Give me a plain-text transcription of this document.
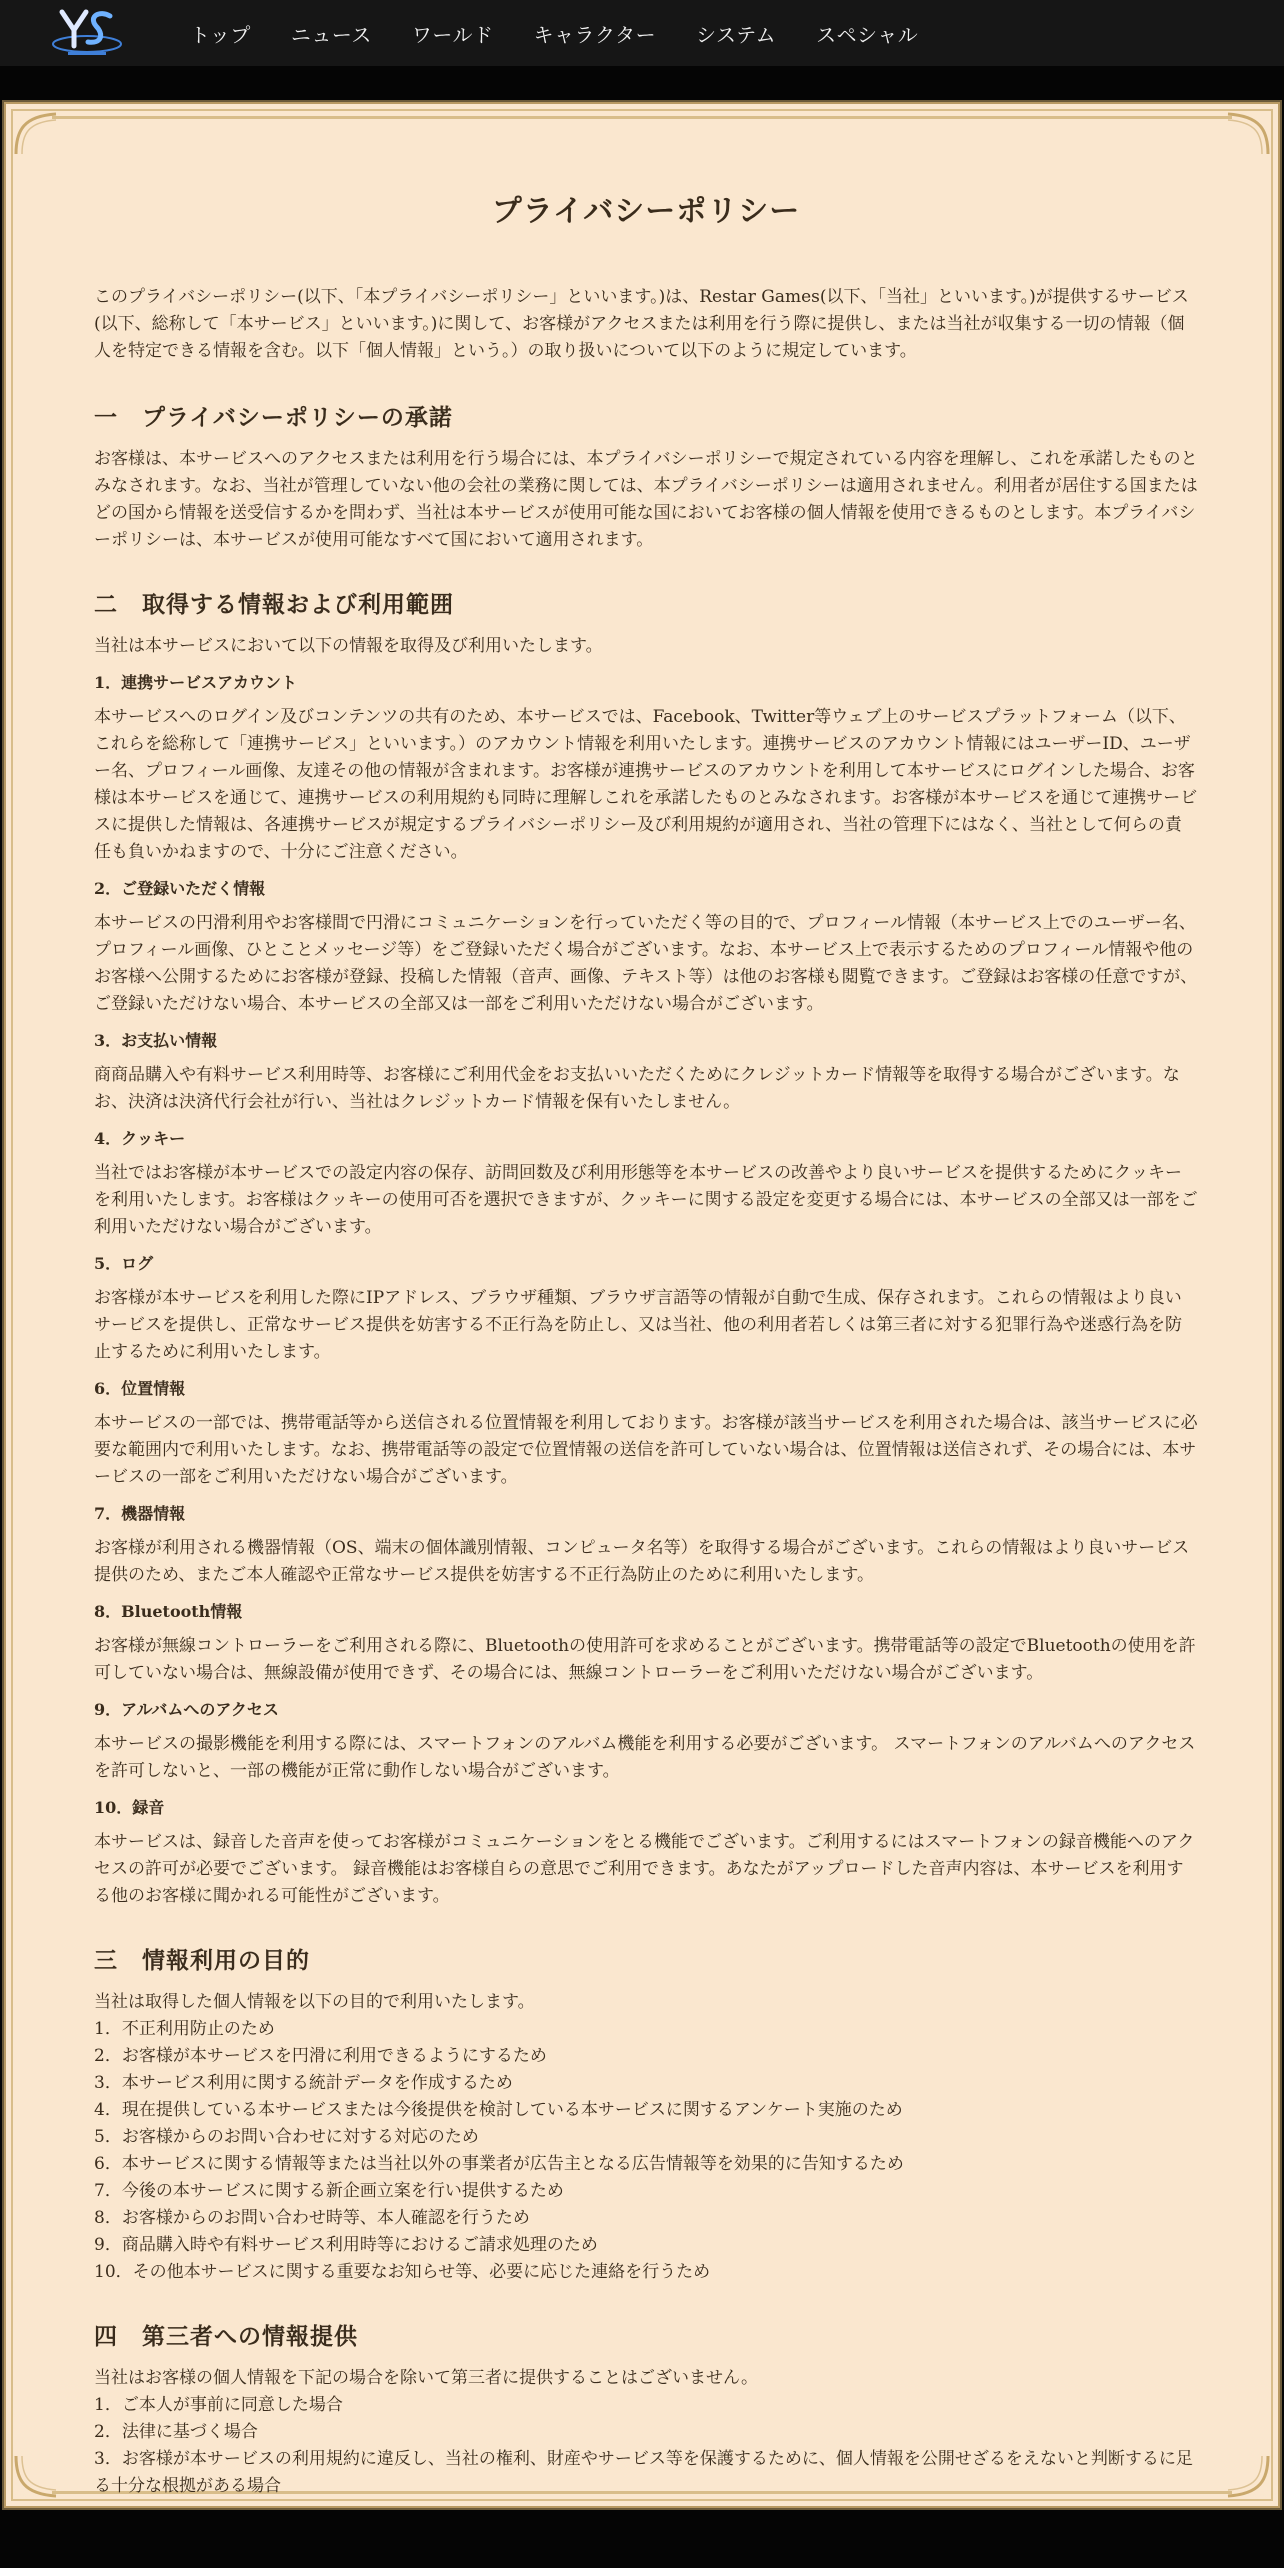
トップ ニュース ワールド キャラクター システム スペシャル
プライバシーポリシー

このプライバシーポリシー(以下、「本プライバシーポリシー」といいます。)は、Restar Games(以下、「当社」といいます。)が提供するサービス(以下、総称して「本サービス」といいます。)に関して、お客様がアクセスまたは利用を行う際に提供し、または当社が収集する一切の情報（個人を特定できる情報を含む。以下「個人情報」という。）の取り扱いについて以下のように規定しています。

一　プライバシーポリシーの承諾

お客様は、本サービスへのアクセスまたは利用を行う場合には、本プライバシーポリシーで規定されている内容を理解し、これを承諾したものとみなされます。なお、当社が管理していない他の会社の業務に関しては、本プライバシーポリシーは適用されません。利用者が居住する国またはどの国から情報を送受信するかを問わず、当社は本サービスが使用可能な国においてお客様の個人情報を使用できるものとします。本プライバシーポリシーは、本サービスが使用可能なすべて国において適用されます。

二　取得する情報および利用範囲

当社は本サービスにおいて以下の情報を取得及び利用いたします。

1．連携サービスアカウント

本サービスへのログイン及びコンテンツの共有のため、本サービスでは、Facebook、Twitter等ウェブ上のサービスプラットフォーム（以下、これらを総称して「連携サービス」といいます。）のアカウント情報を利用いたします。連携サービスのアカウント情報にはユーザーID、ユーザー名、プロフィール画像、友達その他の情報が含まれます。お客様が連携サービスのアカウントを利用して本サービスにログインした場合、お客様は本サービスを通じて、連携サービスの利用規約も同時に理解しこれを承諾したものとみなされます。お客様が本サービスを通じて連携サービスに提供した情報は、各連携サービスが規定するプライバシーポリシー及び利用規約が適用され、当社の管理下にはなく、当社として何らの責任も負いかねますので、十分にご注意ください。

2．ご登録いただく情報

本サービスの円滑利用やお客様間で円滑にコミュニケーションを行っていただく等の目的で、プロフィール情報（本サービス上でのユーザー名、プロフィール画像、ひとことメッセージ等）をご登録いただく場合がございます。なお、本サービス上で表示するためのプロフィール情報や他のお客様へ公開するためにお客様が登録、投稿した情報（音声、画像、テキスト等）は他のお客様も閲覧できます。ご登録はお客様の任意ですが、ご登録いただけない場合、本サービスの全部又は一部をご利用いただけない場合がございます。

3．お支払い情報

商商品購入や有料サービス利用時等、お客様にご利用代金をお支払いいただくためにクレジットカード情報等を取得する場合がございます。なお、決済は決済代行会社が行い、当社はクレジットカード情報を保有いたしません。

4．クッキー

当社ではお客様が本サービスでの設定内容の保存、訪問回数及び利用形態等を本サービスの改善やより良いサービスを提供するためにクッキーを利用いたします。お客様はクッキーの使用可否を選択できますが、クッキーに関する設定を変更する場合には、本サービスの全部又は一部をご利用いただけない場合がございます。

5．ログ

お客様が本サービスを利用した際にIPアドレス、ブラウザ種類、ブラウザ言語等の情報が自動で生成、保存されます。これらの情報はより良いサービスを提供し、正常なサービス提供を妨害する不正行為を防止し、又は当社、他の利用者若しくは第三者に対する犯罪行為や迷惑行為を防止するために利用いたします。

6．位置情報

本サービスの一部では、携帯電話等から送信される位置情報を利用しております。お客様が該当サービスを利用された場合は、該当サービスに必要な範囲内で利用いたします。なお、携帯電話等の設定で位置情報の送信を許可していない場合は、位置情報は送信されず、その場合には、本サービスの一部をご利用いただけない場合がございます。

7．機器情報

お客様が利用される機器情報（OS、端末の個体識別情報、コンピュータ名等）を取得する場合がございます。これらの情報はより良いサービス提供のため、またご本人確認や正常なサービス提供を妨害する不正行為防止のために利用いたします。

8．Bluetooth情報

お客様が無線コントローラーをご利用される際に、Bluetoothの使用許可を求めることがございます。携帯電話等の設定でBluetoothの使用を許可していない場合は、無線設備が使用できず、その場合には、無線コントローラーをご利用いただけない場合がございます。

9．アルバムへのアクセス

本サービスの撮影機能を利用する際には、スマートフォンのアルバム機能を利用する必要がございます。 スマートフォンのアルバムへのアクセスを許可しないと、一部の機能が正常に動作しない場合がございます。

10．録音

本サービスは、録音した音声を使ってお客様がコミュニケーションをとる機能でございます。ご利用するにはスマートフォンの録音機能へのアクセスの許可が必要でございます。 録音機能はお客様自らの意思でご利用できます。あなたがアップロードした音声内容は、本サービスを利用する他のお客様に聞かれる可能性がございます。

三　情報利用の目的

当社は取得した個人情報を以下の目的で利用いたします。

1．不正利用防止のため

2．お客様が本サービスを円滑に利用できるようにするため

3．本サービス利用に関する統計データを作成するため

4．現在提供している本サービスまたは今後提供を検討している本サービスに関するアンケート実施のため

5．お客様からのお問い合わせに対する対応のため

6．本サービスに関する情報等または当社以外の事業者が広告主となる広告情報等を効果的に告知するため

7．今後の本サービスに関する新企画立案を行い提供するため

8．お客様からのお問い合わせ時等、本人確認を行うため

9．商品購入時や有料サービス利用時等におけるご請求処理のため

10．その他本サービスに関する重要なお知らせ等、必要に応じた連絡を行うため

四　第三者への情報提供

当社はお客様の個人情報を下記の場合を除いて第三者に提供することはございません。

1．ご本人が事前に同意した場合

2．法律に基づく場合

3．お客様が本サービスの利用規約に違反し、当社の権利、財産やサービス等を保護するために、個人情報を公開せざるをえないと判断するに足る十分な根拠がある場合
